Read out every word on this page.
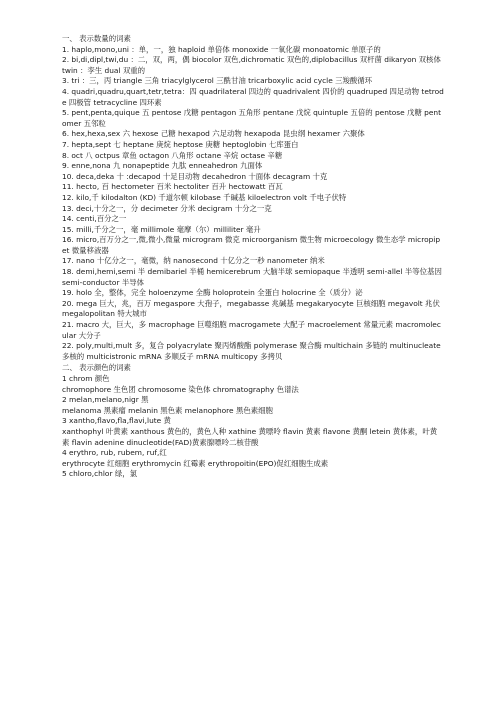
一、 表示数量的词素
1. haplo,mono,uni ：单，一，独 haploid 单倍体 monoxide 一氧化碳 monoatomic 单原子的
2. bi,di,dipl,twi,du ：二，双，两，偶 biocolor 双色,dichromatic 双色的,diplobacillus 双杆菌 dikaryon 双核体
twin ：孪生 dual 双重的
3. tri ：三，丙 triangle 三角 triacylglycerol 三酰甘油 tricarboxylic acid cycle 三羧酸循环
4. quadri,quadru,quart,tetr,tetra：四 quadrilateral 四边的 quadrivalent 四价的 quadruped 四足动物 tetrode 四极管 tetracycline 四环素
5. pent,penta,quique 五 pentose 戊糖 pentagon 五角形 pentane 戊烷 quintuple 五倍的 pentose 戊糖 pentomer 五邻粒
6. hex,hexa,sex 六 hexose 己糖 hexapod 六足动物 hexapoda 昆虫纲 hexamer 六聚体
7. hepta,sept 七 heptane 庚烷 heptose 庚糖 heptoglobin 七库蛋白
8. oct 八 octpus 章鱼 octagon 八角形 octane 辛烷 octase 辛糖
9. enne,nona 九 nonapeptide 九肽 enneahedron 九面体
10. deca,deka 十 :decapod 十足目动物 decahedron 十面体 decagram 十克
11. hecto, 百 hectometer 百米 hectoliter 百升 hectowatt 百瓦
12. kilo,千 kilodalton (KD) 千道尔顿 kilobase 千碱基 kiloelectron volt 千电子伏特
13. deci,十分之一，分 decimeter 分米 decigram 十分之一克
14. centi,百分之一
15. milli,千分之一，毫 millimole 毫摩（尔）milliliter 毫升
16. micro,百万分之一,微,微小,微量 microgram 微克 microorganism 微生物 microecology 微生态学 micropipet 微量移液器
17. nano 十亿分之一，毫微，纳 nanosecond 十亿分之一秒 nanometer 纳米
18. demi,hemi,semi 半 demibariel 半桶 hemicerebrum 大脑半球 semiopaque 半透明 semi-allel 半等位基因 semi-conductor 半导体
19. holo 全，整体，完全 holoenzyme 全酶 holoprotein 全蛋白 holocrine 全（质分）泌
20. mega 巨大，兆，百万 megaspore 大孢子，megabasse 兆碱基 megakaryocyte 巨核细胞 megavolt 兆伏 megalopolitan 特大城市
21. macro 大，巨大，多 macrophage 巨噬细胞 macrogamete 大配子 macroelement 常量元素 macromolecular 大分子
22. poly,multi,mult 多，复合 polyacrylate 聚丙烯酸酯 polymerase 聚合酶 multichain 多链的 multinucleate 多核的 multicistronic mRNA 多顺反子 mRNA multicopy 多拷贝
二、 表示颜色的词素
1 chrom 颜色
chromophore 生色团 chromosome 染色体 chromatography 色谱法
2 melan,melano,nigr 黑
melanoma 黑素瘤 melanin 黑色素 melanophore 黑色素细胞
3 xantho,flavo,fla,flavi,lute 黄
xanthophyl 叶黄素 xanthous 黄色的，黄色人种 xathine 黄嘌呤 flavin 黄素 flavone 黄酮 letein 黄体素，叶黄素 flavin adenine dinucleotide(FAD)黄素腺嘌呤二核苷酸
4 erythro, rub, rubem, ruf,红
erythrocyte 红细胞 erythromycin 红霉素 erythropoitin(EPO)促红细胞生成素
5 chloro,chlor 绿，氯
